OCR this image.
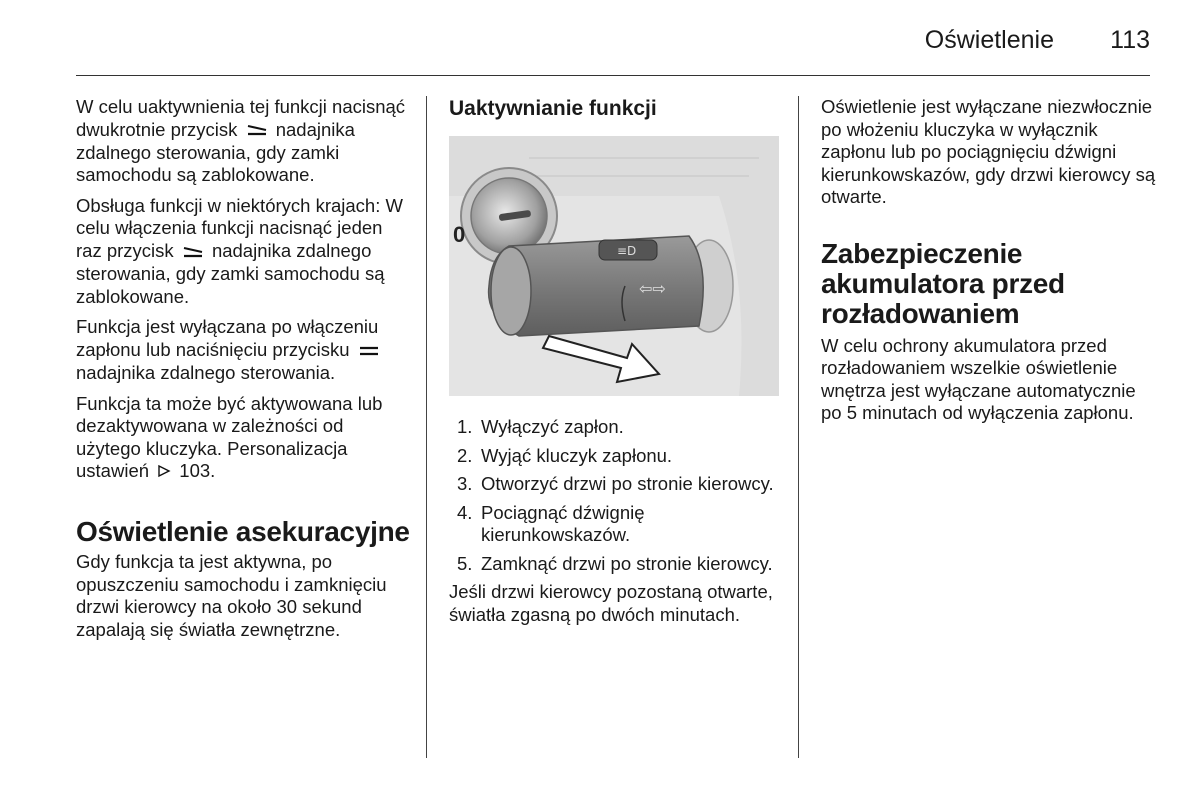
Oświetlenie 113

W celu uaktywnienia tej funkcji nacisnąć dwukrotnie przycisk nadajnika zdalnego sterowania, gdy zamki samochodu są zablokowane.

Obsługa funkcji w niektórych krajach: W celu włączenia funkcji nacisnąć jeden raz przycisk nadajnika zdalnego sterowania, gdy zamki samochodu są zablokowane.

Funkcja jest wyłączana po włączeniu zapłonu lub naciśnięciu przycisku  nadajnika zdalnego sterowania.

Funkcja ta może być aktywowana lub dezaktywowana w zależności od użytego kluczyka. Personalizacja ustawień 103.

Oświetlenie asekuracyjne

Gdy funkcja ta jest aktywna, po opuszczeniu samochodu i zamknięciu drzwi kierowcy na około 30 sekund zapalają się światła zewnętrzne.

Uaktywnianie funkcji
0
≡D
⇦⇨
1. Wyłączyć zapłon.
2. Wyjąć kluczyk zapłonu.
3. Otworzyć drzwi po stronie kierowcy.
4. Pociągnąć dźwignię kierunkowskazów.
5. Zamknąć drzwi po stronie kierowcy.

Jeśli drzwi kierowcy pozostaną otwarte, światła zgasną po dwóch minutach.

Oświetlenie jest wyłączane niezwłocznie po włożeniu kluczyka w wyłącznik zapłonu lub po pociągnięciu dźwigni kierunkowskazów, gdy drzwi kierowcy są otwarte.

Zabezpieczenie akumulatora przed rozładowaniem

W celu ochrony akumulatora przed rozładowaniem wszelkie oświetlenie wnętrza jest wyłączane automatycznie po 5 minutach od wyłączenia zapłonu.
